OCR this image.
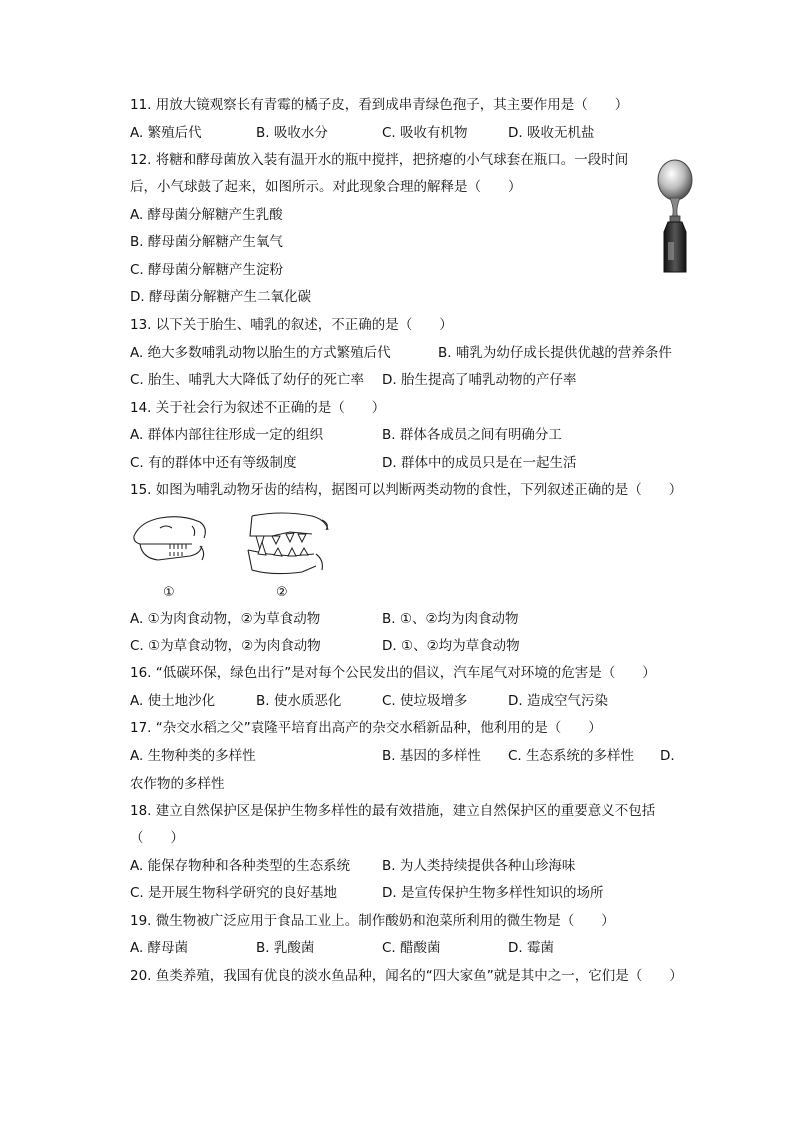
11. 用放大镜观察长有青霉的橘子皮，看到成串青绿色孢子，其主要作用是（　　）
A. 繁殖后代	B. 吸收水分	C. 吸收有机物	D. 吸收无机盐
12. 将糖和酵母菌放入装有温开水的瓶中搅拌，把挤瘪的小气球套在瓶口。一段时间
后，小气球鼓了起来，如图所示。对此现象合理的解释是（　　）
A. 酵母菌分解糖产生乳酸
B. 酵母菌分解糖产生氧气
C. 酵母菌分解糖产生淀粉
D. 酵母菌分解糖产生二氧化碳
13. 以下关于胎生、哺乳的叙述，不正确的是（　　）
A. 绝大多数哺乳动物以胎生的方式繁殖后代	B. 哺乳为幼仔成长提供优越的营养条件
C. 胎生、哺乳大大降低了幼仔的死亡率 D. 胎生提高了哺乳动物的产仔率
14. 关于社会行为叙述不正确的是（　　）
A. 群体内部往往形成一定的组织	B. 群体各成员之间有明确分工
C. 有的群体中还有等级制度	D. 群体中的成员只是在一起生活
15. 如图为哺乳动物牙齿的结构，据图可以判断两类动物的食性，下列叙述正确的是（　　）
①	②
A. ①为肉食动物，②为草食动物	B. ①、②均为肉食动物
C. ①为草食动物，②为肉食动物	D. ①、②均为草食动物
16. “低碳环保，绿色出行”是对每个公民发出的倡议，汽车尾气对环境的危害是（　　）
A. 使土地沙化	B. 使水质恶化	C. 使垃圾增多	D. 造成空气污染
17. “杂交水稻之父”袁隆平培育出高产的杂交水稻新品种，他利用的是（　　）
A. 生物种类的多样性	B. 基因的多样性 C. 生态系统的多样性 D.
农作物的多样性
18. 建立自然保护区是保护生物多样性的最有效措施，建立自然保护区的重要意义不包括
（　　）
A. 能保存物种和各种类型的生态系统 B. 为人类持续提供各种山珍海味
C. 是开展生物科学研究的良好基地	D. 是宣传保护生物多样性知识的场所
19. 微生物被广泛应用于食品工业上。制作酸奶和泡菜所利用的微生物是（　　）
A. 酵母菌	B. 乳酸菌	C. 醋酸菌	D. 霉菌
20. 鱼类养殖，我国有优良的淡水鱼品种，闻名的“四大家鱼”就是其中之一，它们是（　　）
